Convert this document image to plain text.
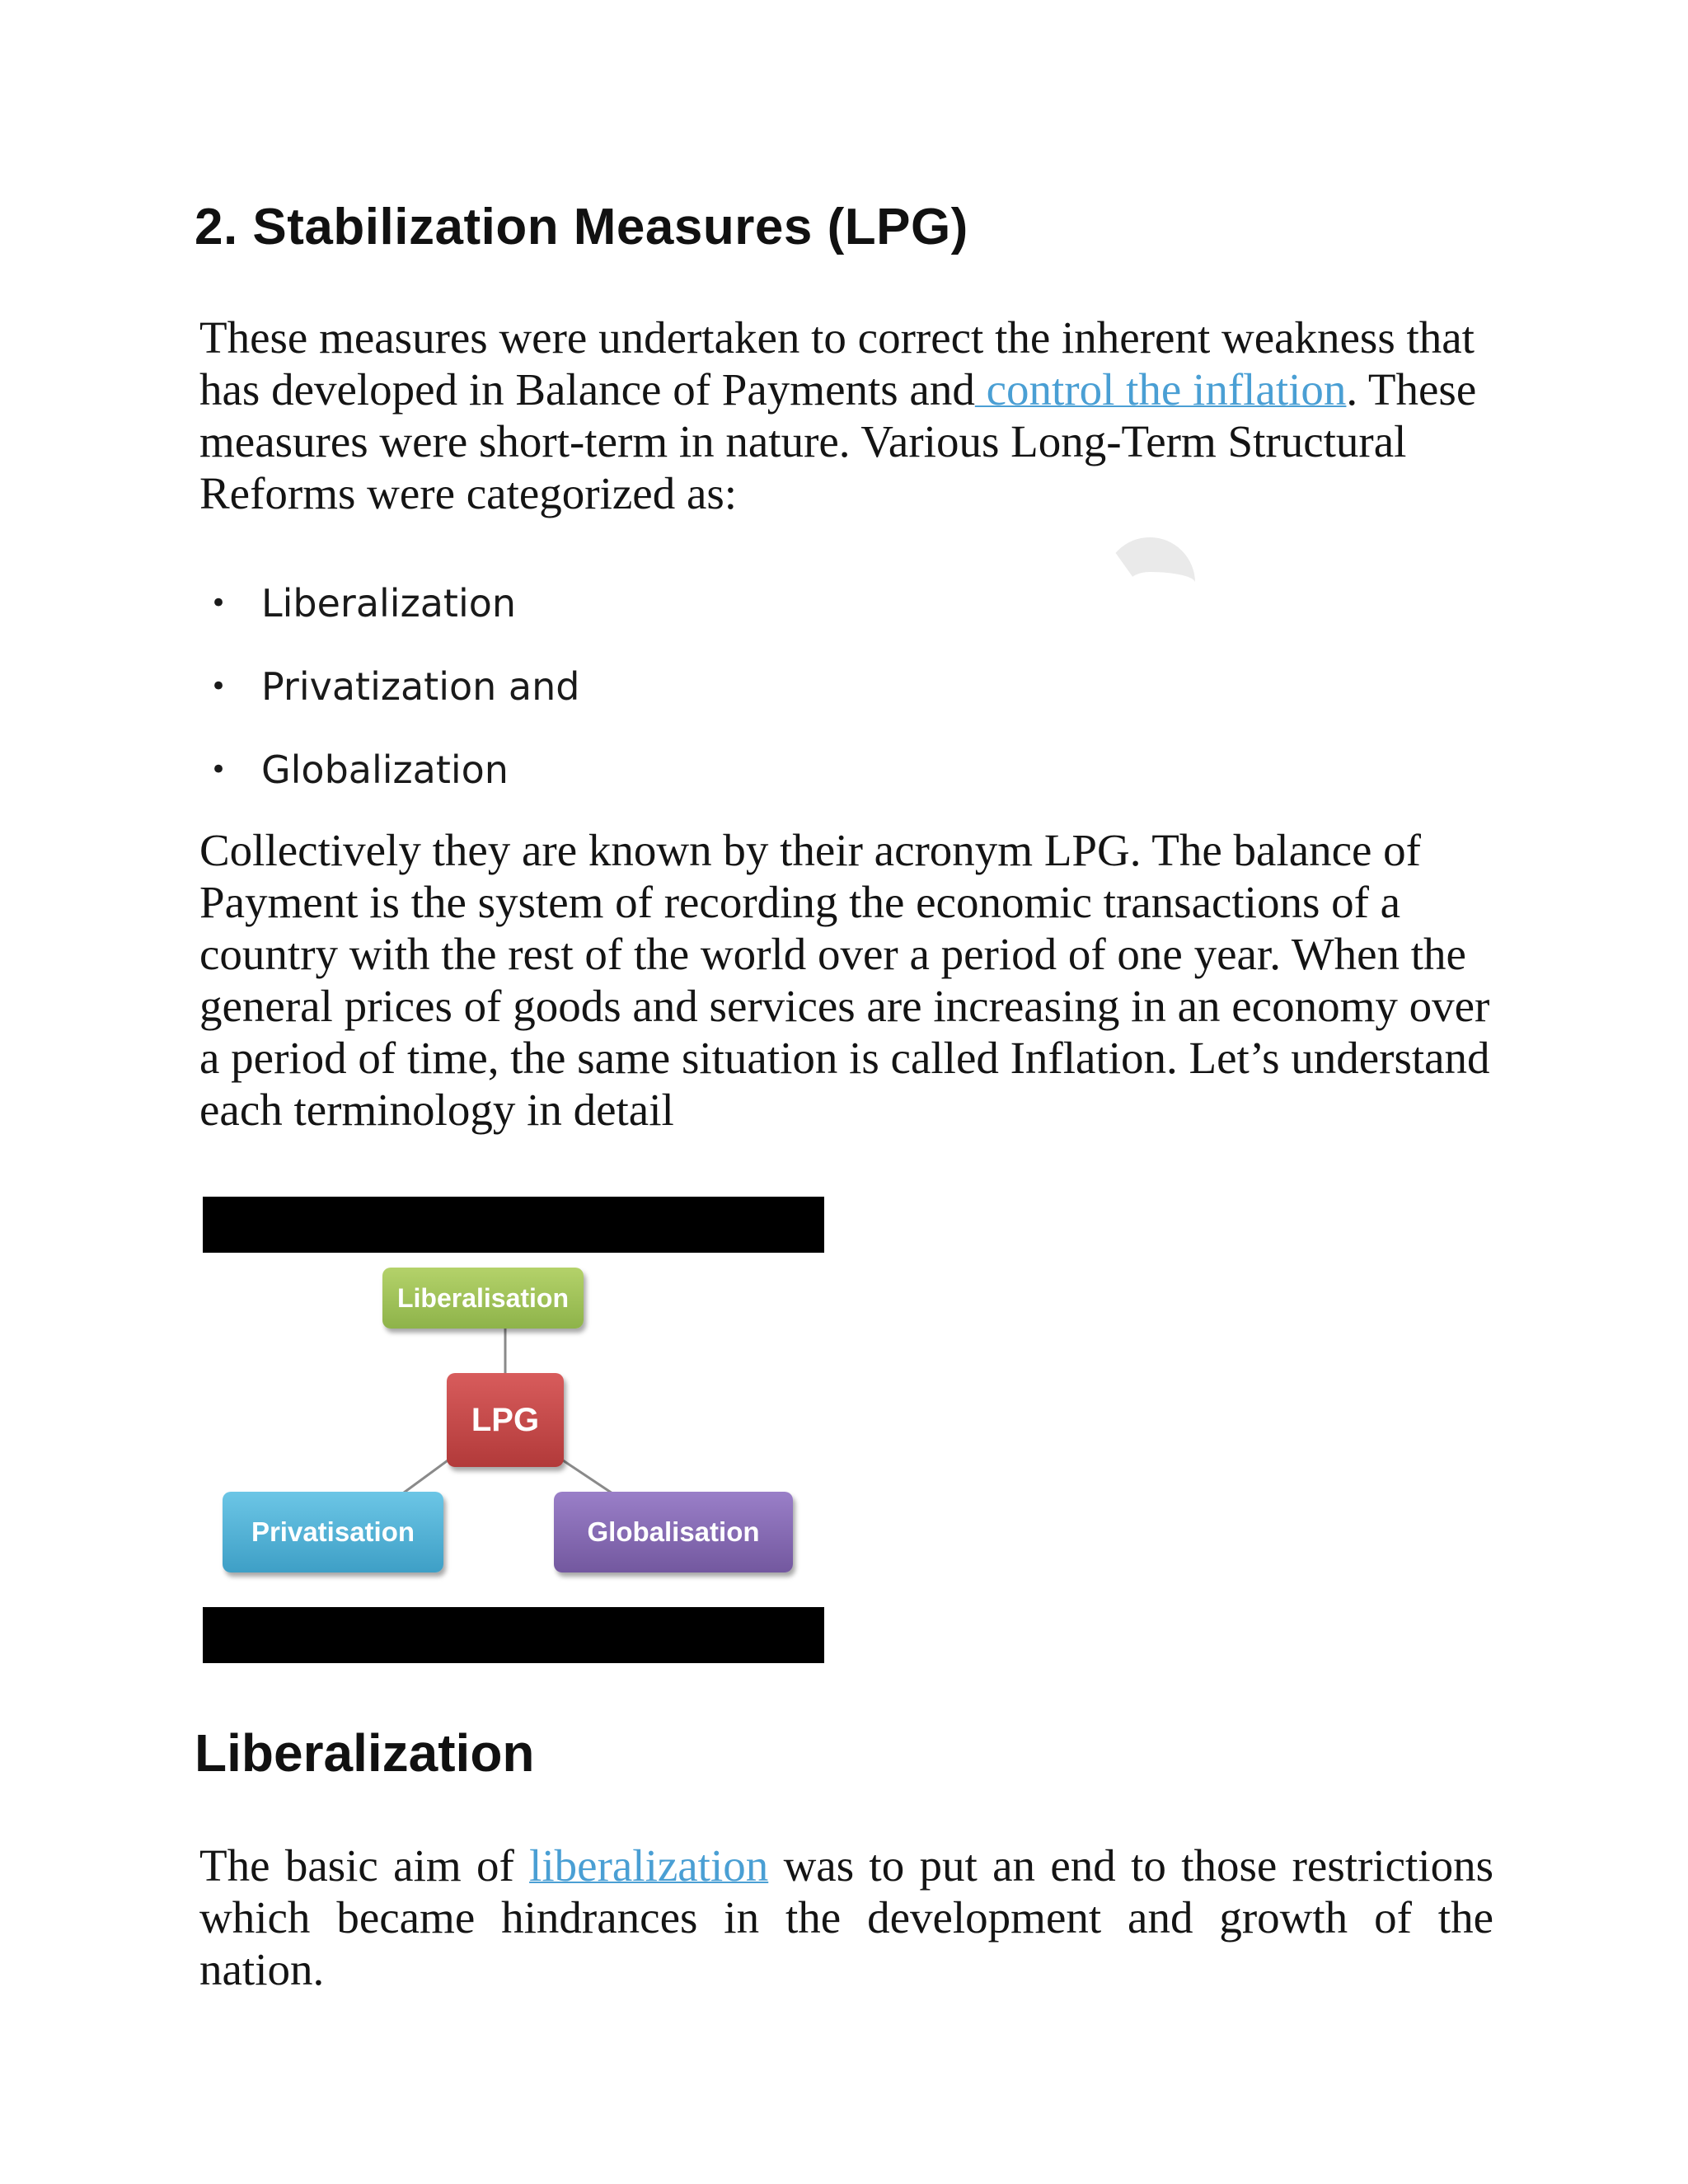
2. Stabilization Measures (LPG)

These measures were undertaken to correct the inherent weakness that has developed in Balance of Payments and control the inflation. These measures were short-term in nature. Various Long-Term Structural Reforms were categorized as:

• Liberalization
• Privatization and
• Globalization

Collectively they are known by their acronym LPG. The balance of Payment is the system of recording the economic transactions of a country with the rest of the world over a period of one year. When the general prices of goods and services are increasing in an economy over a period of time, the same situation is called Inflation. Let’s understand each terminology in detail

Liberalisation
LPG
Privatisation	Globalisation
Liberalization

The basic aim of liberalization was to put an end to those restrictions which became hindrances in the development and growth of the nation.
